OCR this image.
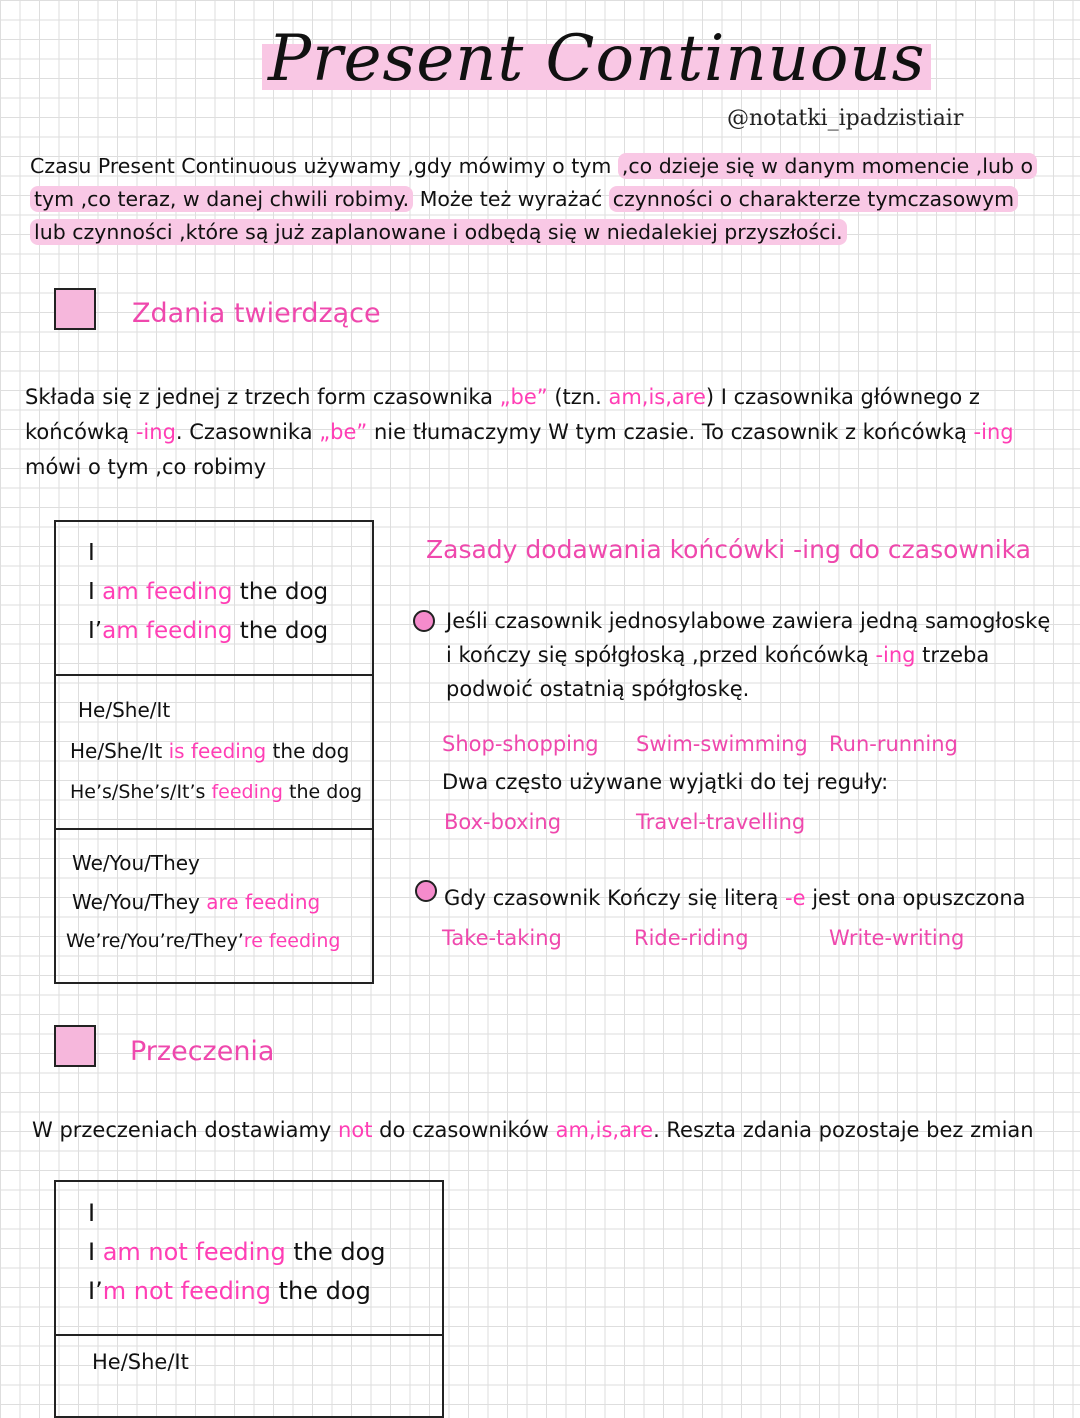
Present Continuous
@notatki_ipadzistiair
Czasu Present Continuous używamy ,gdy mówimy o tym ,co dzieje się w danym momencie ,lub o
tym ,co teraz, w danej chwili robimy. Może też wyrażać czynności o charakterze tymczasowym
lub czynności ,które są już zaplanowane i odbędą się w niedalekiej przyszłości.
Zdania twierdzące
Składa się z jednej z trzech form czasownika „be” (tzn. am,is,are) I czasownika głównego z końcówką -ing. Czasownika „be” nie tłumaczymy W tym czasie. To czasownik z końcówką -ing mówi o tym ,co robimy
I
I am feeding the dog
I’am feeding the dog

He/She/It
He/She/It is feeding the dog
He’s/She’s/It’s feeding the dog

We/You/They
We/You/They are feeding
We’re/You’re/They’re feeding
Zasady dodawania końcówki -ing do czasownika
Jeśli czasownik jednosylabowe zawiera jedną samogłoskę
i kończy się spółgłoską ,przed końcówką -ing trzeba
podwoić ostatnią spółgłoskę.
Shop-shopping Swim-swimming Run-running
Dwa często używane wyjątki do tej reguły:
Box-boxing	Travel-travelling
Gdy czasownik Kończy się literą -e jest ona opuszczona
Take-taking	Ride-riding	Write-writing
Przeczenia
W przeczeniach dostawiamy not do czasowników am,is,are. Reszta zdania pozostaje bez zmian
I
I am not feeding the dog
I’m not feeding the dog

He/She/It
